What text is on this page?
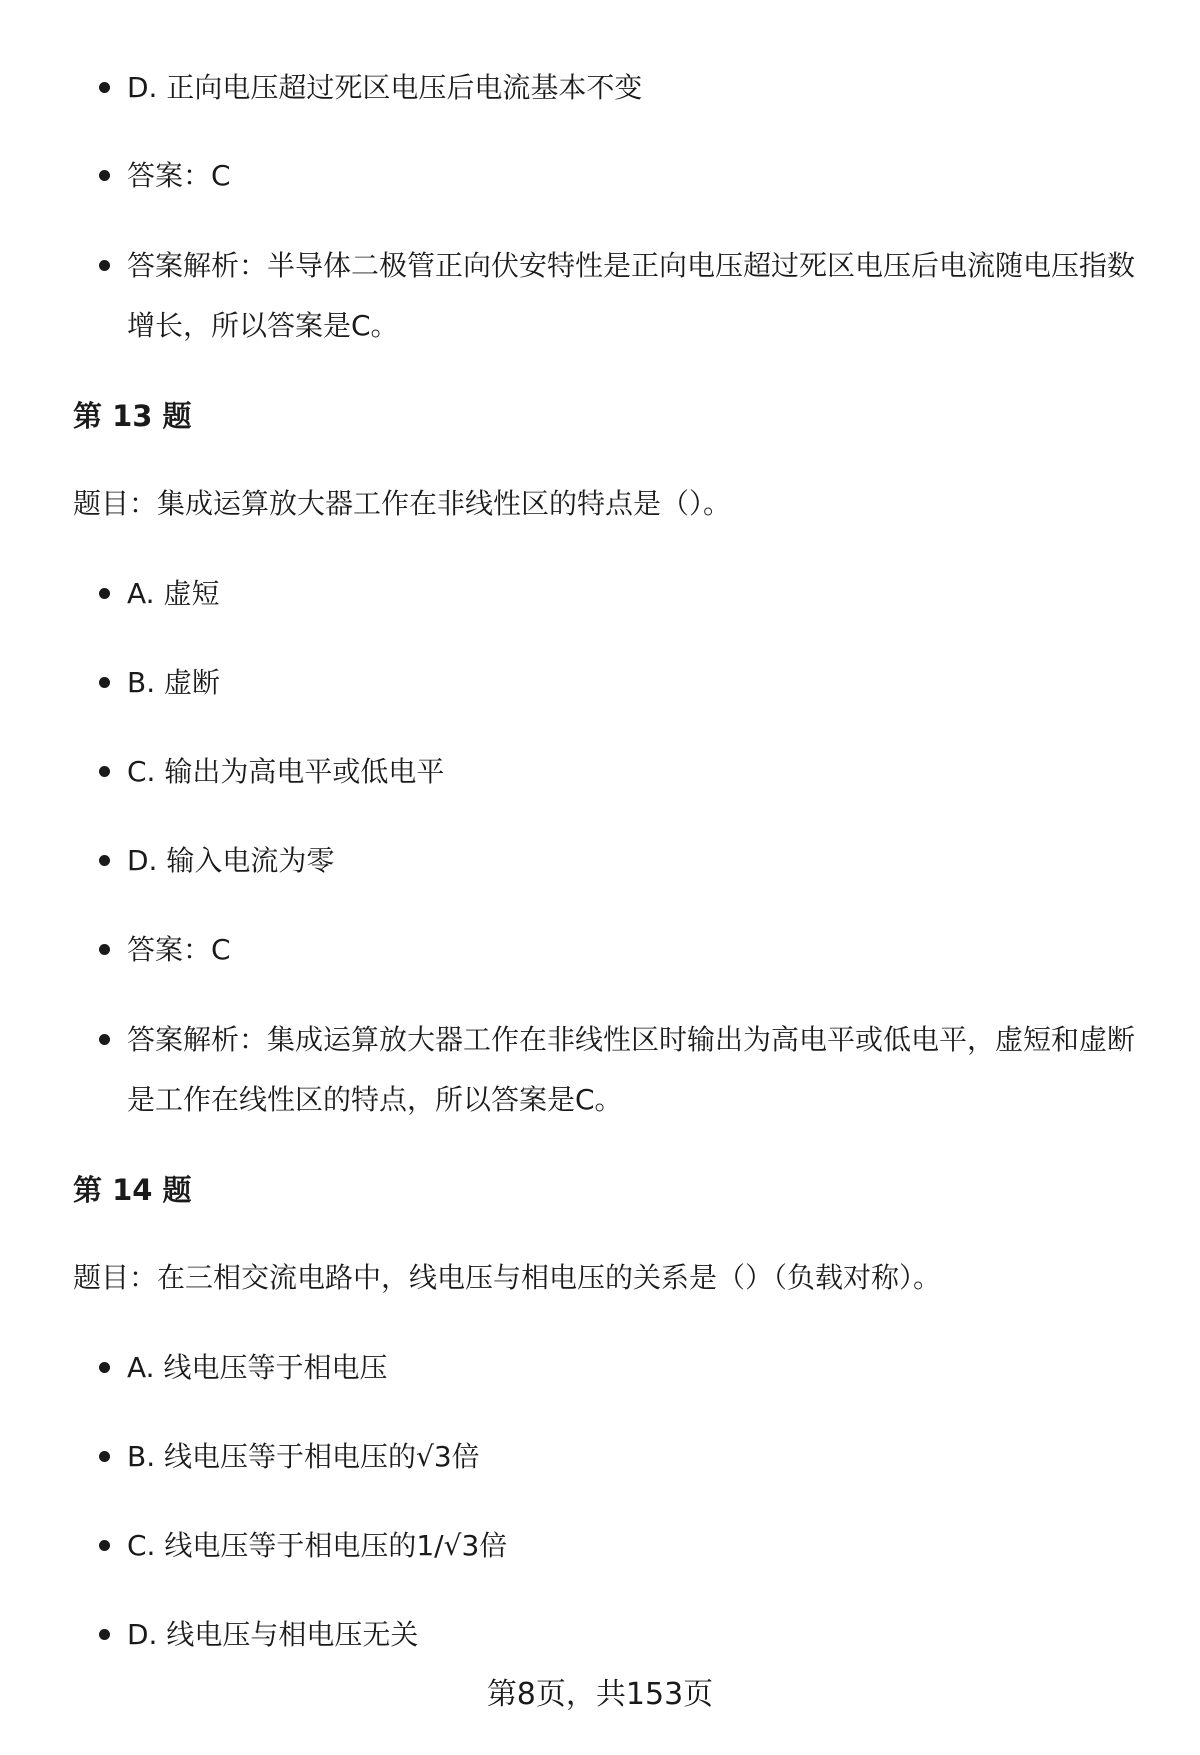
D. 正向电压超过死区电压后电流基本不变
答案：C
答案解析：半导体二极管正向伏安特性是正向电压超过死区电压后电流随电压指数增长，所以答案是C。
第 13 题
题目：集成运算放大器工作在非线性区的特点是（）。
A. 虚短
B. 虚断
C. 输出为高电平或低电平
D. 输入电流为零
答案：C
答案解析：集成运算放大器工作在非线性区时输出为高电平或低电平，虚短和虚断是工作在线性区的特点，所以答案是C。
第 14 题
题目：在三相交流电路中，线电压与相电压的关系是（）（负载对称）。
A. 线电压等于相电压
B. 线电压等于相电压的√3倍
C. 线电压等于相电压的1/√3倍
D. 线电压与相电压无关
第8页，共153页
